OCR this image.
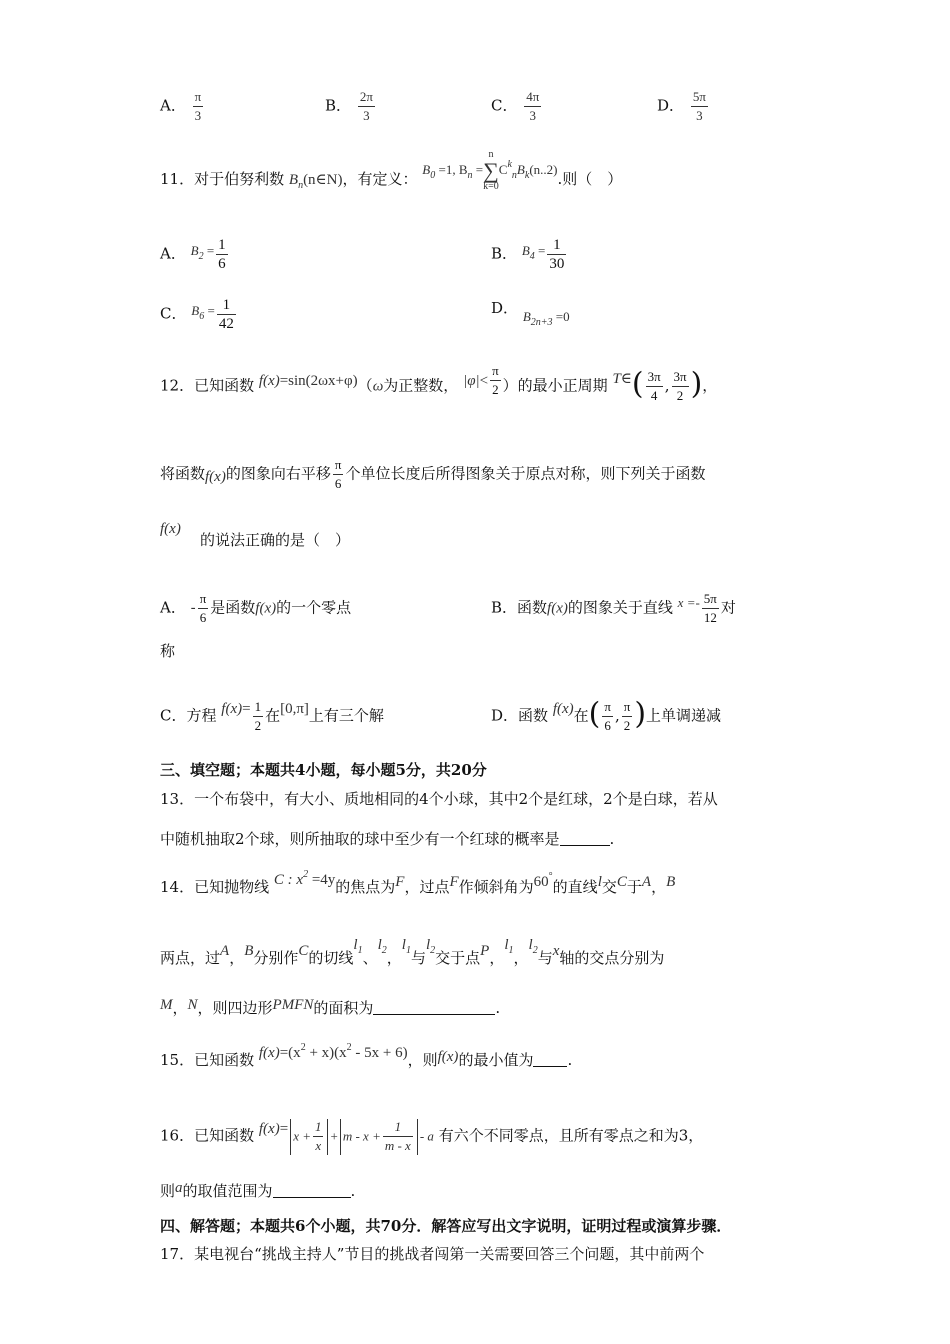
A． $\frac{\pi}{3}$	B． $\frac{2\pi}{3}$	C． $\frac{4\pi}{3}$	D． $\frac{5\pi}{3}$
11．对于伯努利数 $B_n(n\in N)$，有定义： $B_0 =1$, $B_n$ =
n
∑
k=0
$C^k_nB_k(n..2)$.则（　）
A． $B_2 = \frac{1}{6}$	B． $B_4 = \frac{1}{30}$
C． $B_6 = \frac{1}{42}$	D． $B_{2n+3} =0$
12．已知函数 f(x)=sin(2ωx+φ)（ω为正整数， $|\varphi|< \frac{\pi}{2}$ ）的最小正周期 T∈( $\frac{3\pi}{4}$ , $\frac{3\pi}{2}$ )，
将函数f(x)的图象向右平移 $\frac{\pi}{6}$ 个单位长度后所得图象关于原点对称，则下列关于函数
f(x)
的说法正确的是（　）
A． - $\frac{\pi}{6}$ 是函数f(x)的一个零点	B．函数f(x)的图象关于直线 $x =- \frac{5\pi}{12}$ 对
称
C．方程 $f(x)= \frac{1}{2}$ 在[0,π]上有三个解	D．函数 f(x)在( $\frac{\pi}{6}$ , $\frac{\pi}{2}$ )上单调递减
三、填空题；本题共4小题，每小题5分，共20分
13．一个布袋中，有大小、质地相同的4个小球，其中2个是红球，2个是白球，若从
中随机抽取2个球，则所抽取的球中至少有一个红球的概率是	.
14．已知抛物线 C : $x^2 =4y$的焦点为F，过点F作倾斜角为60°的直线l交C于A，B
两点，过A，B分别作C的切线$l_1$、$l_2$，$l_1$与$l_2$交于点P，$l_1$，$l_2$与x轴的交点分别为
M，N，则四边形PMFN的面积为	.
15．已知函数 $f(x)=(x^2 + x)(x^2 - 5x + 6)$，则f(x)的最小值为 .
16．已知函数 $f(x)= x + \frac{1}{x} + m - x + \frac{1}{m - x} - a$ 有六个不同零点，且所有零点之和为3，
则a的取值范围为	.
四、解答题；本题共6个小题，共70分．解答应写出文字说明，证明过程或演算步骤．
17．某电视台“挑战主持人”节目的挑战者闯第一关需要回答三个问题，其中前两个
